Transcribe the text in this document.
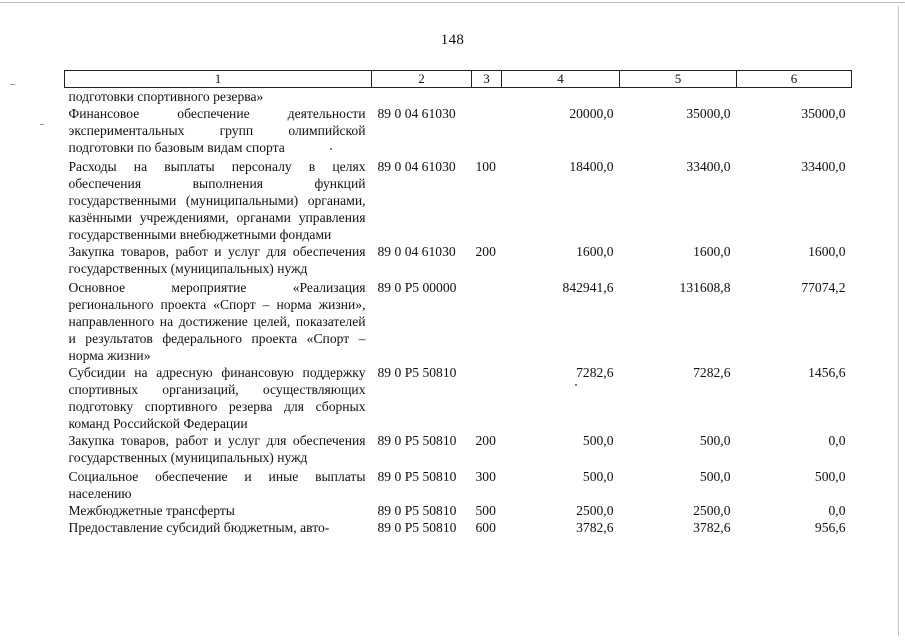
148
1	2	3	4	5	6
подготовки спортивного резерва»					
Финансовое обеспечение деятельности экспериментальных групп олимпийской подготовки по базовым видам спорта	89 0 04 61030		20000,0	35000,0	35000,0
Расходы на выплаты персоналу в целях обеспечения выполнения функций государственными (муниципальными) органами, казёнными учреждениями, органами управления государственными внебюджетными фондами	89 0 04 61030	100	18400,0	33400,0	33400,0
Закупка товаров, работ и услуг для обеспечения государственных (муниципальных) нужд	89 0 04 61030	200	1600,0	1600,0	1600,0
Основное мероприятие «Реализация регионального проекта «Спорт – норма жизни», направленного на достижение целей, показателей и результатов федерального проекта «Спорт – норма жизни»	89 0 P5 00000		842941,6	131608,8	77074,2
Субсидии на адресную финансовую поддержку спортивных организаций, осуществляющих подготовку спортивного резерва для сборных команд Российской Федерации	89 0 P5 50810		7282,6	7282,6	1456,6
Закупка товаров, работ и услуг для обеспечения государственных (муниципальных) нужд	89 0 P5 50810	200	500,0	500,0	0,0
Социальное обеспечение и иные выплаты населению	89 0 P5 50810	300	500,0	500,0	500,0
Межбюджетные трансферты	89 0 P5 50810	500	2500,0	2500,0	0,0
Предоставление субсидий бюджетным, авто-	89 0 P5 50810	600	3782,6	3782,6	956,6
